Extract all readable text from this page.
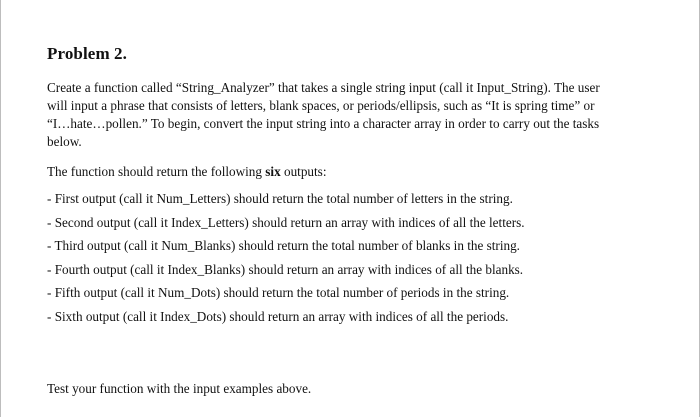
Problem 2.
Create a function called “String_Analyzer” that takes a single string input (call it Input_String). The user
will input a phrase that consists of letters, blank spaces, or periods/ellipsis, such as “It is spring time” or
“I…hate…pollen.” To begin, convert the input string into a character array in order to carry out the tasks
below.
The function should return the following six outputs:
- First output (call it Num_Letters) should return the total number of letters in the string.
- Second output (call it Index_Letters) should return an array with indices of all the letters.
- Third output (call it Num_Blanks) should return the total number of blanks in the string.
- Fourth output (call it Index_Blanks) should return an array with indices of all the blanks.
- Fifth output (call it Num_Dots) should return the total number of periods in the string.
- Sixth output (call it Index_Dots) should return an array with indices of all the periods.
Test your function with the input examples above.
